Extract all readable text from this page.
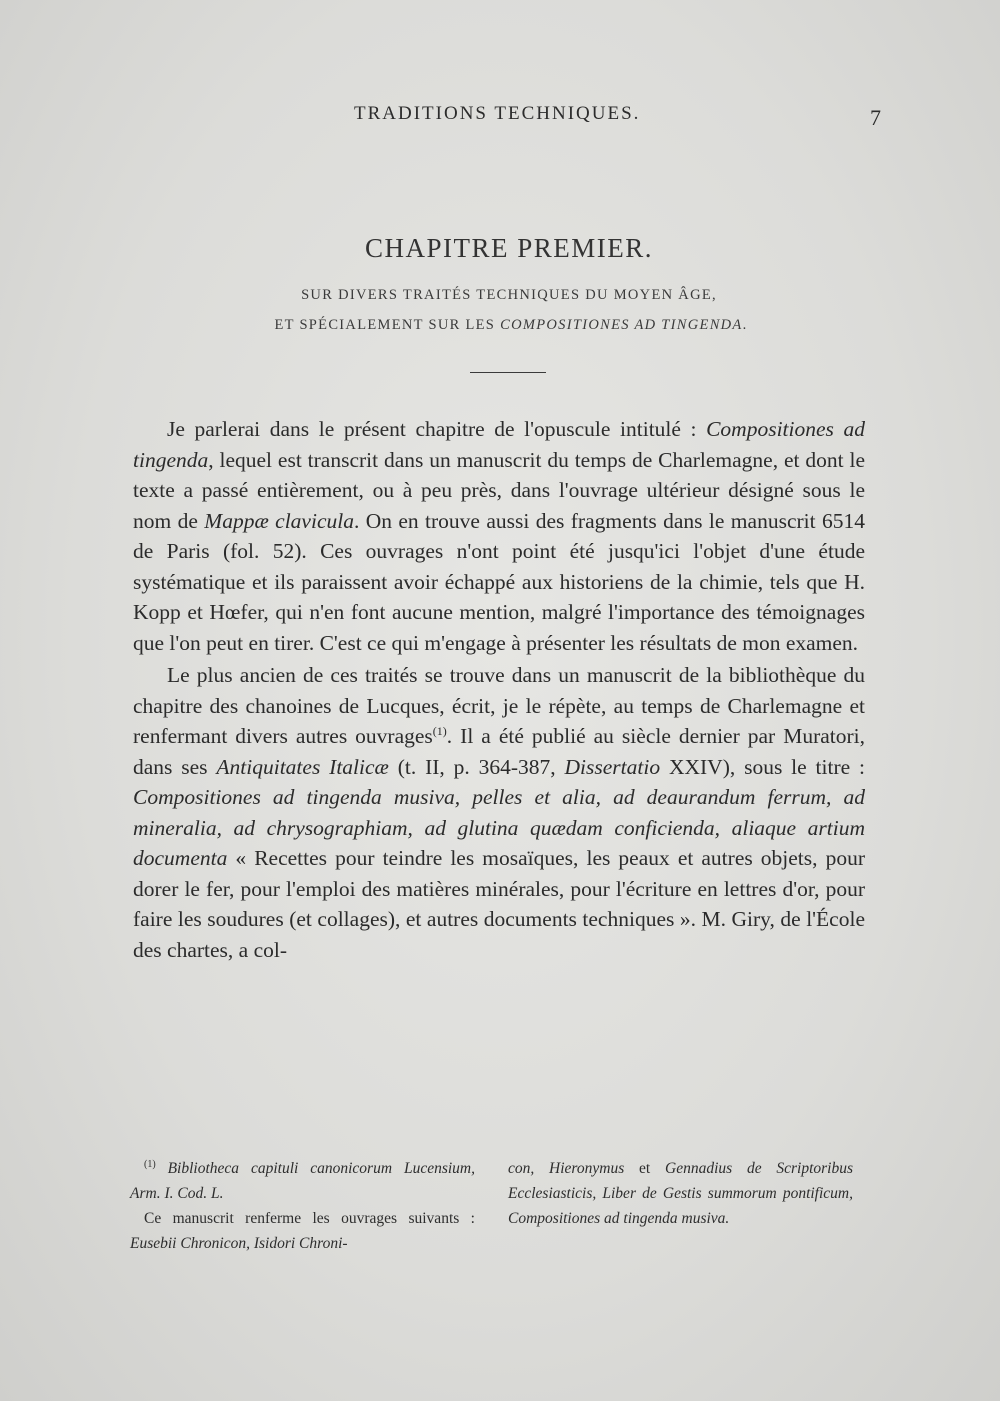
TRADITIONS TECHNIQUES.	7
CHAPITRE PREMIER.
SUR DIVERS TRAITÉS TECHNIQUES DU MOYEN ÂGE,
ET SPÉCIALEMENT SUR LES COMPOSITIONES AD TINGENDA.

Je parlerai dans le présent chapitre de l'opuscule intitulé : Compositiones ad tingenda, lequel est transcrit dans un manuscrit du temps de Charlemagne, et dont le texte a passé entièrement, ou à peu près, dans l'ouvrage ultérieur désigné sous le nom de Mappæ clavicula. On en trouve aussi des fragments dans le manuscrit 6514 de Paris (fol. 52). Ces ouvrages n'ont point été jusqu'ici l'objet d'une étude systématique et ils paraissent avoir échappé aux historiens de la chimie, tels que H. Kopp et Hœfer, qui n'en font aucune mention, malgré l'importance des témoignages que l'on peut en tirer. C'est ce qui m'engage à présenter les résultats de mon examen.

Le plus ancien de ces traités se trouve dans un manuscrit de la bibliothèque du chapitre des chanoines de Lucques, écrit, je le répète, au temps de Charlemagne et renfermant divers autres ouvrages$^{(1)}$. Il a été publié au siècle dernier par Muratori, dans ses Antiquitates Italicæ (t. II, p. 364-387, Dissertatio XXIV), sous le titre : Compositiones ad tingenda musiva, pelles et alia, ad deaurandum ferrum, ad mineralia, ad chrysographiam, ad glutina quædam conficienda, aliaque artium documenta « Recettes pour teindre les mosaïques, les peaux et autres objets, pour dorer le fer, pour l'emploi des matières minérales, pour l'écriture en lettres d'or, pour faire les soudures (et collages), et autres documents techniques ». M. Giry, de l'École des chartes, a col-

$^{(1)}$ Bibliotheca capituli canonicorum Lucensium, Arm. I. Cod. L.

Ce manuscrit renferme les ouvrages suivants : Eusebii Chronicon, Isidori Chroni-

con, Hieronymus et Gennadius de Scriptoribus Ecclesiasticis, Liber de Gestis summorum pontificum, Compositiones ad tingenda musiva.
